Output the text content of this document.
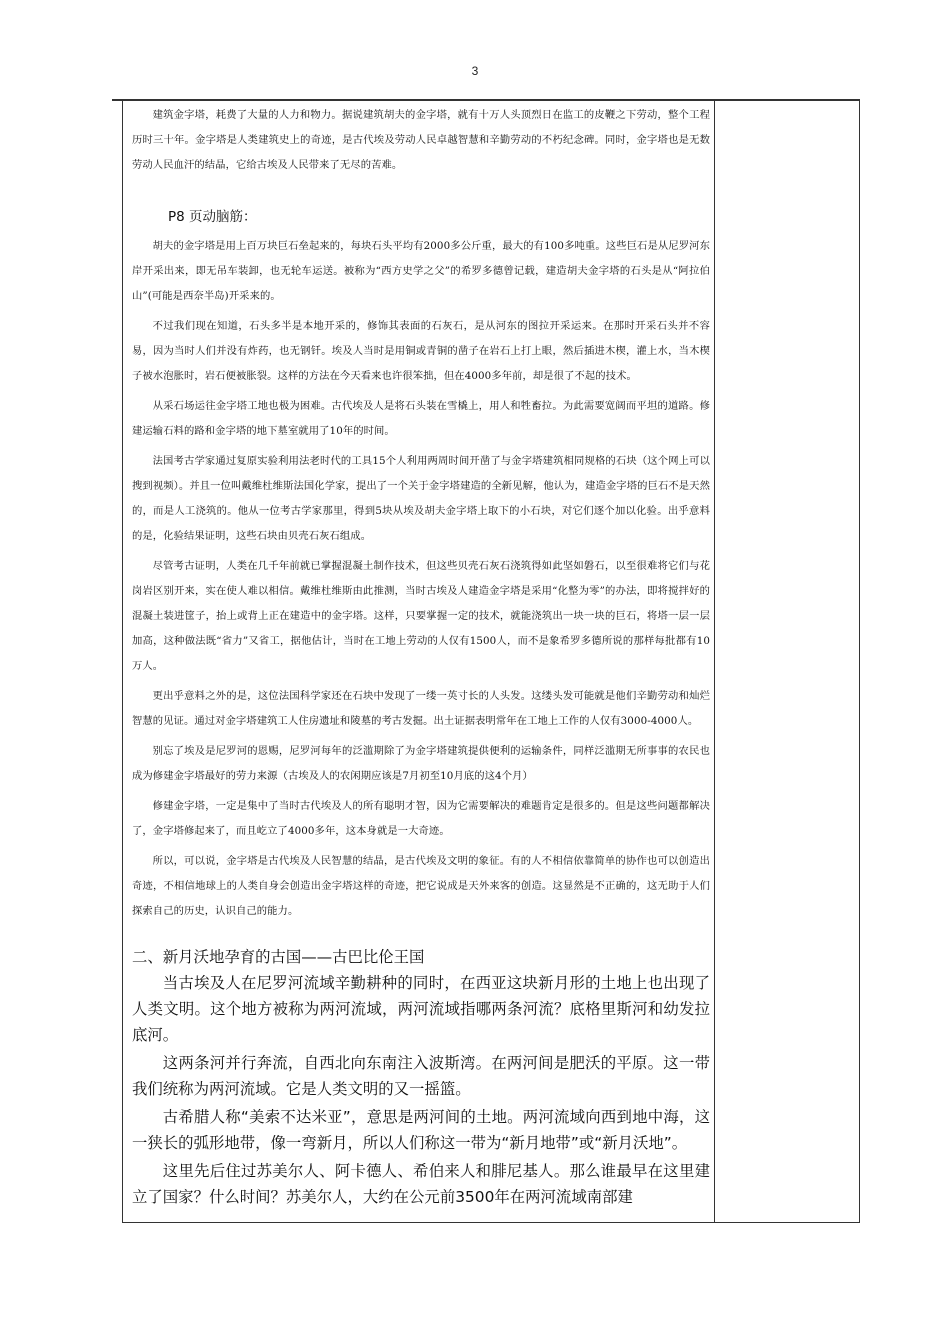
3

建筑金字塔，耗费了大量的人力和物力。据说建筑胡夫的金字塔，就有十万人头顶烈日在监工的皮鞭之下劳动，整个工程历时三十年。金字塔是人类建筑史上的奇迹，是古代埃及劳动人民卓越智慧和辛勤劳动的不朽纪念碑。同时，金字塔也是无数劳动人民血汗的结晶，它给古埃及人民带来了无尽的苦难。

P8 页动脑筋：

胡夫的金字塔是用上百万块巨石垒起来的，每块石头平均有2000多公斤重，最大的有100多吨重。这些巨石是从尼罗河东岸开采出来，即无吊车装卸，也无轮车运送。被称为“西方史学之父”的希罗多德曾记载，建造胡夫金字塔的石头是从“阿拉伯山”(可能是西奈半岛)开采来的。

不过我们现在知道，石头多半是本地开采的，修饰其表面的石灰石，是从河东的图拉开采运来。在那时开采石头并不容易，因为当时人们并没有炸药，也无钢钎。埃及人当时是用铜或青铜的凿子在岩石上打上眼，然后插进木楔，灌上水，当木楔子被水泡胀时，岩石便被胀裂。这样的方法在今天看来也许很笨拙，但在4000多年前，却是很了不起的技术。

从采石场运往金字塔工地也极为困难。古代埃及人是将石头装在雪橇上，用人和牲畜拉。为此需要宽阔而平坦的道路。修建运输石料的路和金字塔的地下墓室就用了10年的时间。

法国考古学家通过复原实验利用法老时代的工具15个人利用两周时间开凿了与金字塔建筑相同规格的石块（这个网上可以搜到视频）。并且一位叫戴维杜维斯法国化学家，提出了一个关于金字塔建造的全新见解，他认为，建造金字塔的巨石不是天然的，而是人工浇筑的。他从一位考古学家那里，得到5块从埃及胡夫金字塔上取下的小石块，对它们逐个加以化验。出乎意料的是，化验结果证明，这些石块由贝壳石灰石组成。

尽管考古证明，人类在几千年前就已掌握混凝土制作技术，但这些贝壳石灰石浇筑得如此坚如磐石，以至很难将它们与花岗岩区别开来，实在使人难以相信。戴维杜维斯由此推测，当时古埃及人建造金字塔是采用“化整为零”的办法，即将搅拌好的混凝土装进筐子，抬上或背上正在建造中的金字塔。这样，只要掌握一定的技术，就能浇筑出一块一块的巨石，将塔一层一层加高，这种做法既“省力”又省工，据他估计，当时在工地上劳动的人仅有1500人，而不是象希罗多德所说的那样每批都有10万人。

更出乎意料之外的是，这位法国科学家还在石块中发现了一缕一英寸长的人头发。这缕头发可能就是他们辛勤劳动和灿烂智慧的见证。通过对金字塔建筑工人住房遗址和陵墓的考古发掘。出土证据表明常年在工地上工作的人仅有3000-4000人。

别忘了埃及是尼罗河的恩赐，尼罗河每年的泛滥期除了为金字塔建筑提供便利的运输条件，同样泛滥期无所事事的农民也成为修建金字塔最好的劳力来源（古埃及人的农闲期应该是7月初至10月底的这4个月）

修建金字塔，一定是集中了当时古代埃及人的所有聪明才智，因为它需要解决的难题肯定是很多的。但是这些问题都解决了，金字塔修起来了，而且屹立了4000多年，这本身就是一大奇迹。

所以，可以说，金字塔是古代埃及人民智慧的结晶，是古代埃及文明的象征。有的人不相信依靠简单的协作也可以创造出奇迹，不相信地球上的人类自身会创造出金字塔这样的奇迹，把它说成是天外来客的创造。这显然是不正确的，这无助于人们探索自己的历史，认识自己的能力。

二、新月沃地孕育的古国——古巴比伦王国

当古埃及人在尼罗河流域辛勤耕种的同时，在西亚这块新月形的土地上也出现了人类文明。这个地方被称为两河流域，两河流域指哪两条河流？底格里斯河和幼发拉底河。

这两条河并行奔流，自西北向东南注入波斯湾。在两河间是肥沃的平原。这一带我们统称为两河流域。它是人类文明的又一摇篮。

古希腊人称“美索不达米亚”，意思是两河间的土地。两河流域向西到地中海，这一狭长的弧形地带，像一弯新月，所以人们称这一带为“新月地带”或“新月沃地”。

这里先后住过苏美尔人、阿卡德人、希伯来人和腓尼基人。那么谁最早在这里建立了国家？什么时间？苏美尔人，大约在公元前3500年在两河流域南部建
